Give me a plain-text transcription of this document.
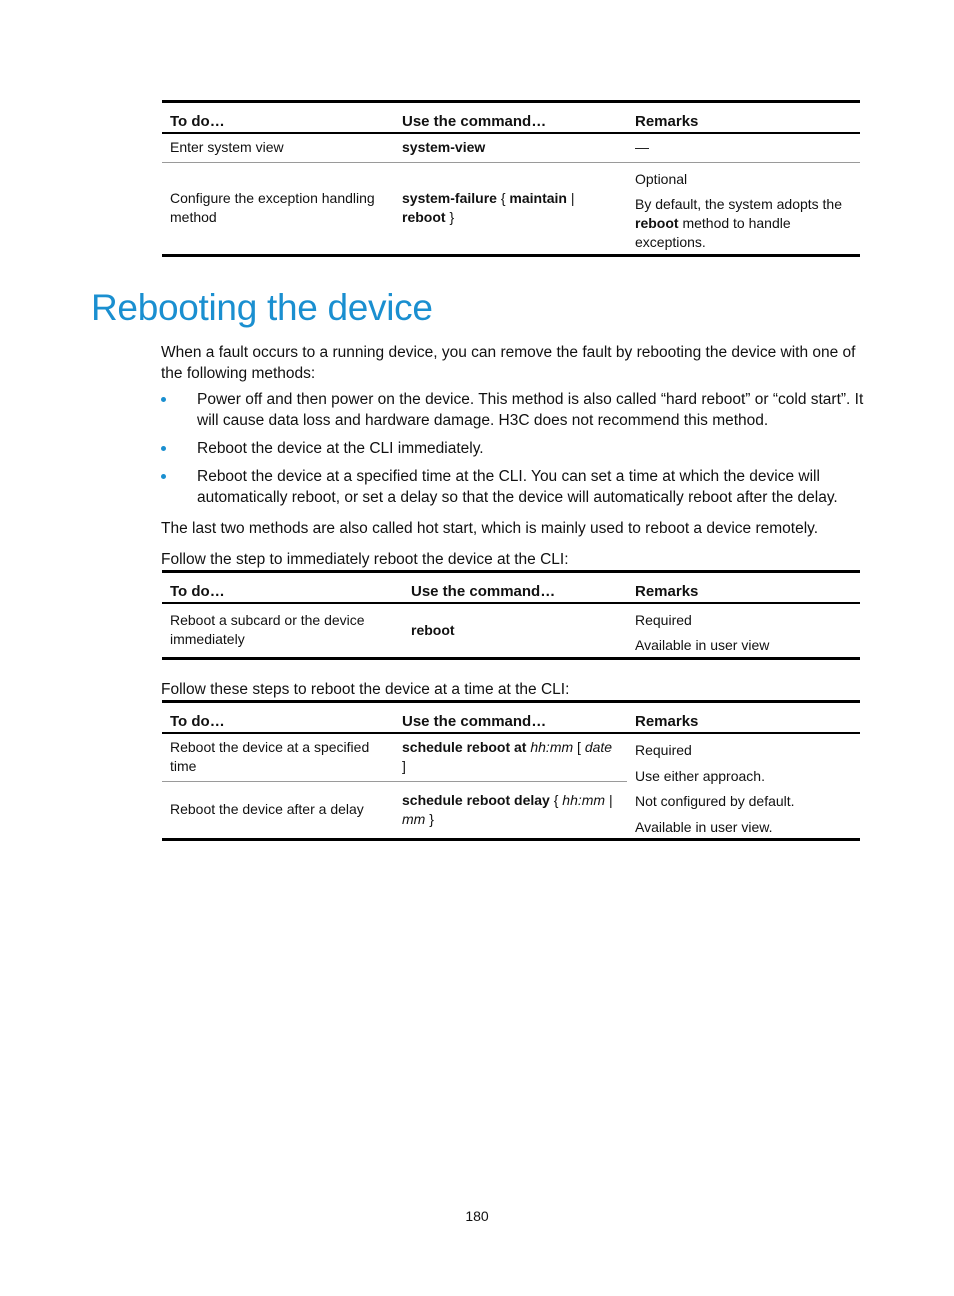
To do…	Use the command…	Remarks
Enter system view	system-view	—
Configure the exception handling method	system-failure { maintain | reboot }	Optional
By default, the system adopts the reboot method to handle exceptions.
Rebooting the device

When a fault occurs to a running device, you can remove the fault by rebooting the device with one of the following methods:

Power off and then power on the device. This method is also called “hard reboot” or “cold start”. It will cause data loss and hardware damage. H3C does not recommend this method.
Reboot the device at the CLI immediately.
Reboot the device at a specified time at the CLI. You can set a time at which the device will automatically reboot, or set a delay so that the device will automatically reboot after the delay.

The last two methods are also called hot start, which is mainly used to reboot a device remotely.

Follow the step to immediately reboot the device at the CLI:

To do…	Use the command…	Remarks
Reboot a subcard or the device immediately	reboot	Required
Available in user view

Follow these steps to reboot the device at a time at the CLI:

To do…	Use the command…	Remarks
Reboot the device at a specified time	schedule reboot at hh:mm [ date ]	Required
Use either approach.
Not configured by default.
Available in user view.

Reboot the device after a delay	schedule reboot delay { hh:mm | mm }	
180
